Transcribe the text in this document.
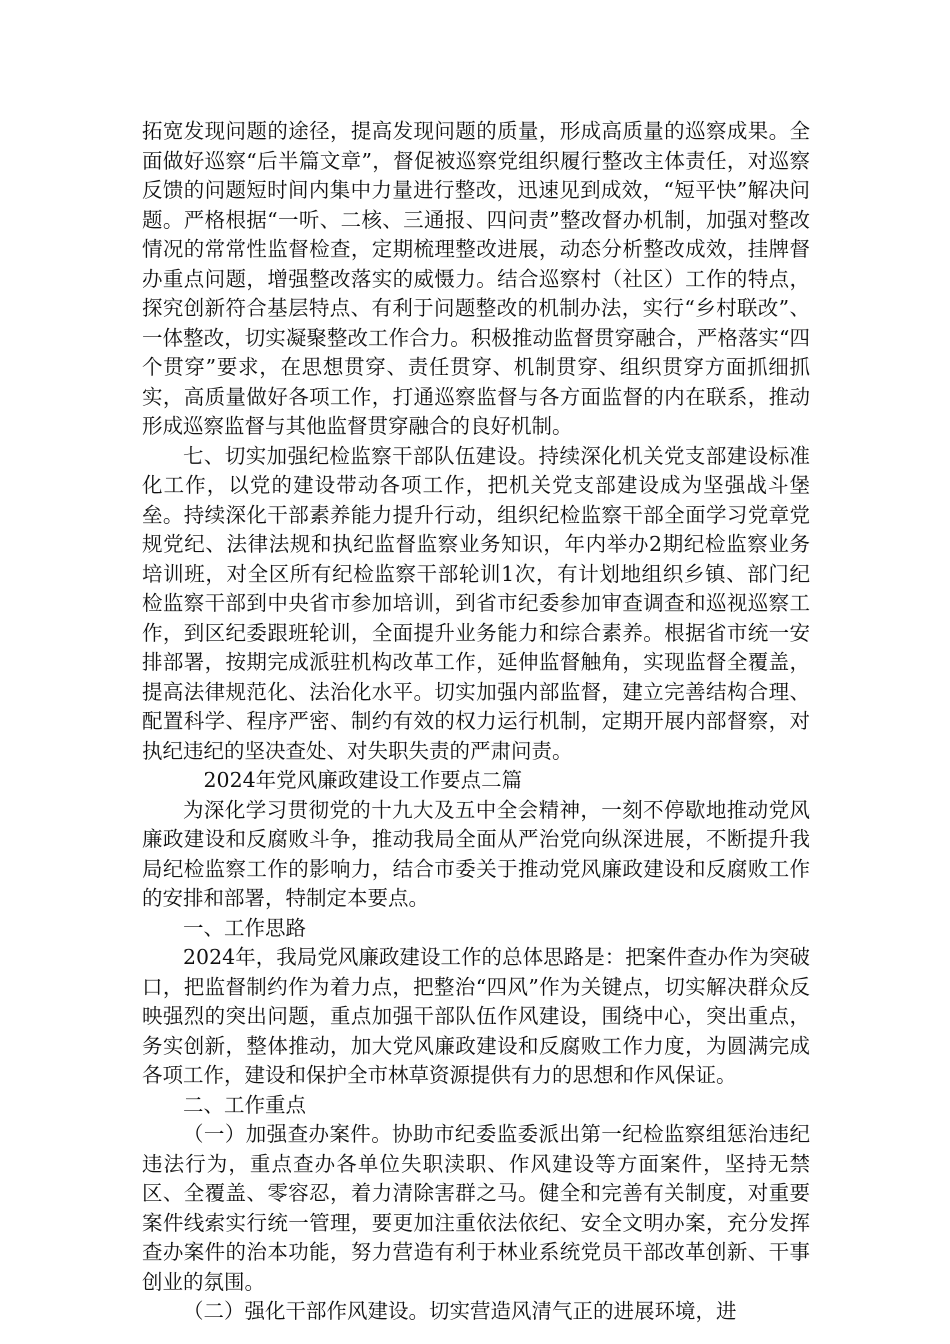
拓宽发现问题的途径，提高发现问题的质量，形成高质量的巡察成果。全面做好巡察“后半篇文章”，督促被巡察党组织履行整改主体责任，对巡察反馈的问题短时间内集中力量进行整改，迅速见到成效，“短平快”解决问题。严格根据“一听、二核、三通报、四问责”整改督办机制，加强对整改情况的常常性监督检查，定期梳理整改进展，动态分析整改成效，挂牌督办重点问题，增强整改落实的威慑力。结合巡察村（社区）工作的特点，探究创新符合基层特点、有利于问题整改的机制办法，实行“乡村联改”、一体整改，切实凝聚整改工作合力。积极推动监督贯穿融合，严格落实“四个贯穿”要求，在思想贯穿、责任贯穿、机制贯穿、组织贯穿方面抓细抓实，高质量做好各项工作，打通巡察监督与各方面监督的内在联系，推动形成巡察监督与其他监督贯穿融合的良好机制。

七、切实加强纪检监察干部队伍建设。持续深化机关党支部建设标准化工作，以党的建设带动各项工作，把机关党支部建设成为坚强战斗堡垒。持续深化干部素养能力提升行动，组织纪检监察干部全面学习党章党规党纪、法律法规和执纪监督监察业务知识，年内举办2期纪检监察业务培训班，对全区所有纪检监察干部轮训1次，有计划地组织乡镇、部门纪检监察干部到中央省市参加培训，到省市纪委参加审查调查和巡视巡察工作，到区纪委跟班轮训，全面提升业务能力和综合素养。根据省市统一安排部署，按期完成派驻机构改革工作，延伸监督触角，实现监督全覆盖，提高法律规范化、法治化水平。切实加强内部监督，建立完善结构合理、配置科学、程序严密、制约有效的权力运行机制，定期开展内部督察，对执纪违纪的坚决查处、对失职失责的严肃问责。

2024年党风廉政建设工作要点二篇

为深化学习贯彻党的十九大及五中全会精神，一刻不停歇地推动党风廉政建设和反腐败斗争，推动我局全面从严治党向纵深进展，不断提升我局纪检监察工作的影响力，结合市委关于推动党风廉政建设和反腐败工作的安排和部署，特制定本要点。

一、工作思路

2024年，我局党风廉政建设工作的总体思路是：把案件查办作为突破口，把监督制约作为着力点，把整治“四风”作为关键点，切实解决群众反映强烈的突出问题，重点加强干部队伍作风建设，围绕中心，突出重点，务实创新，整体推动，加大党风廉政建设和反腐败工作力度，为圆满完成各项工作，建设和保护全市林草资源提供有力的思想和作风保证。

二、工作重点

（一）加强查办案件。协助市纪委监委派出第一纪检监察组惩治违纪违法行为，重点查办各单位失职渎职、作风建设等方面案件，坚持无禁区、全覆盖、零容忍，着力清除害群之马。健全和完善有关制度，对重要案件线索实行统一管理，要更加注重依法依纪、安全文明办案，充分发挥查办案件的治本功能，努力营造有利于林业系统党员干部改革创新、干事创业的氛围。

（二）强化干部作风建设。切实营造风清气正的进展环境，进
